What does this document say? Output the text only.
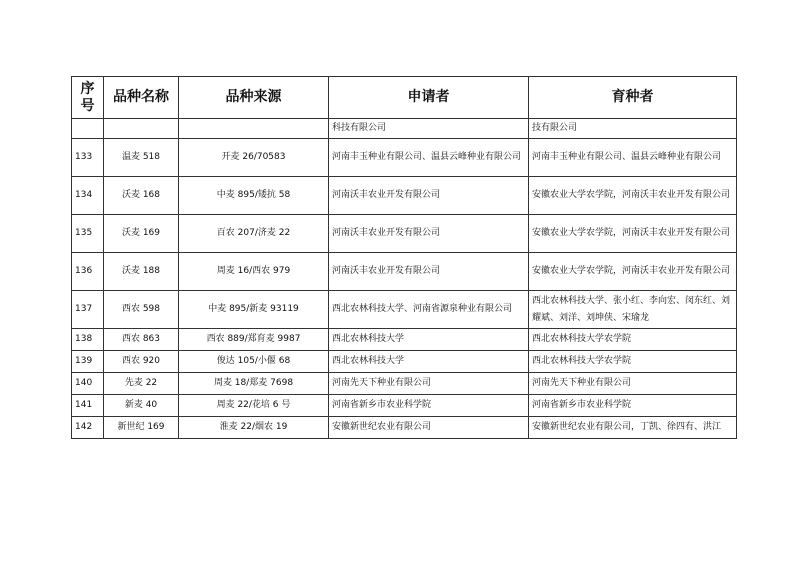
序号	品种名称	品种来源	申请者	育种者
			科技有限公司	技有限公司
133	温麦 518	开麦 26/70583	河南丰玉种业有限公司、温县云峰种业有限公司	河南丰玉种业有限公司、温县云峰种业有限公司
134	沃麦 168	中麦 895/矮抗 58	河南沃丰农业开发有限公司	安徽农业大学农学院，河南沃丰农业开发有限公司
135	沃麦 169	百农 207/济麦 22	河南沃丰农业开发有限公司	安徽农业大学农学院，河南沃丰农业开发有限公司
136	沃麦 188	周麦 16/西农 979	河南沃丰农业开发有限公司	安徽农业大学农学院，河南沃丰农业开发有限公司
137	西农 598	中麦 895/新麦 93119	西北农林科技大学、河南省源泉种业有限公司	西北农林科技大学、张小红、李向宏、闵东红、刘耀斌、刘洋、刘坤侠、宋瑜龙
138	西农 863	西农 889/郑育麦 9987	西北农林科技大学	西北农林科技大学农学院
139	西农 920	俊达 105/小偃 68	西北农林科技大学	西北农林科技大学农学院
140	先麦 22	周麦 18/郑麦 7698	河南先天下种业有限公司	河南先天下种业有限公司
141	新麦 40	周麦 22/花培 6 号	河南省新乡市农业科学院	河南省新乡市农业科学院
142	新世纪 169	淮麦 22/烟农 19	安徽新世纪农业有限公司	安徽新世纪农业有限公司，丁凯、徐四有、洪江
